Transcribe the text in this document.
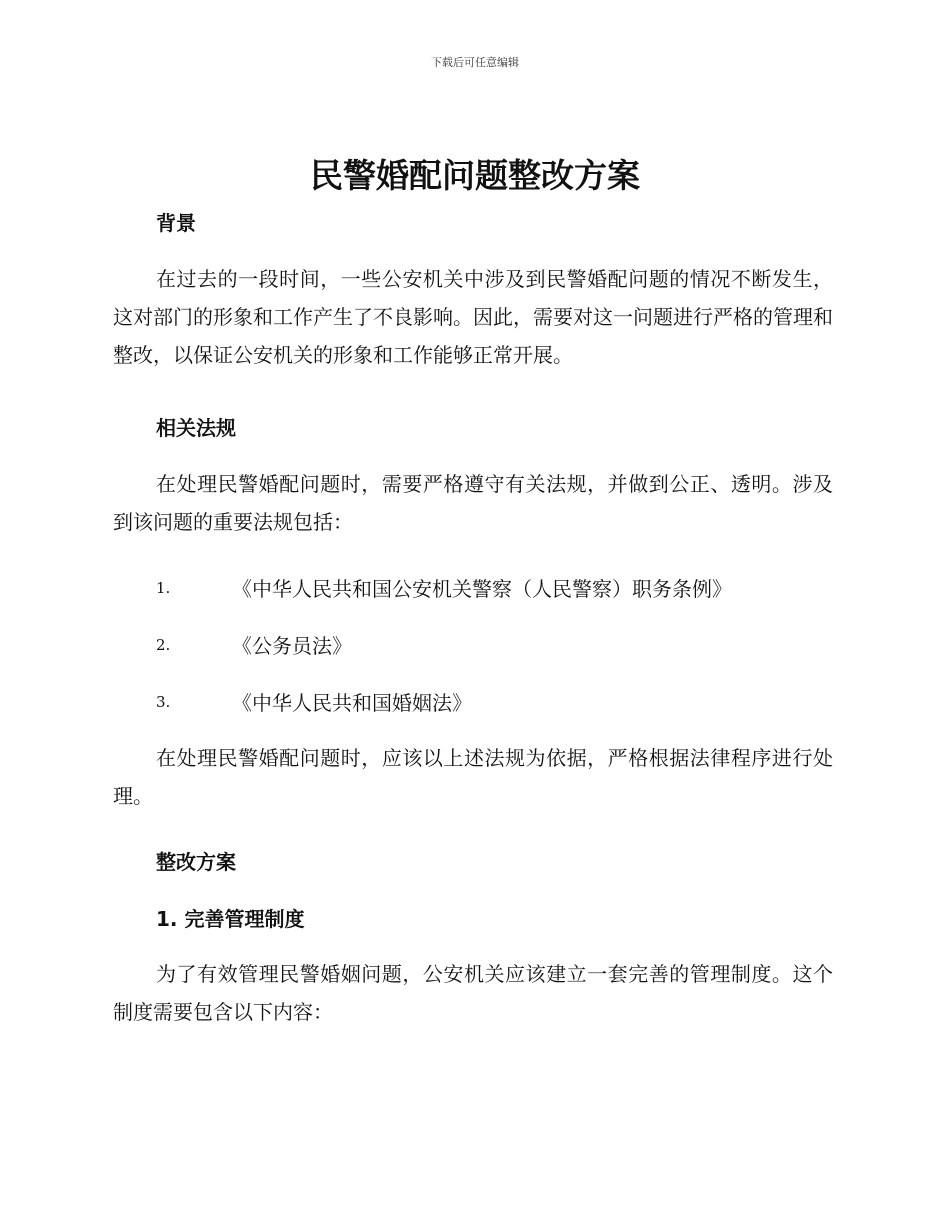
下载后可任意编辑
民警婚配问题整改方案
背景

在过去的一段时间，一些公安机关中涉及到民警婚配问题的情况不断发生，这对部门的形象和工作产生了不良影响。因此，需要对这一问题进行严格的管理和整改，以保证公安机关的形象和工作能够正常开展。

相关法规

在处理民警婚配问题时，需要严格遵守有关法规，并做到公正、透明。涉及到该问题的重要法规包括：

1.	《中华人民共和国公安机关警察（人民警察）职务条例》
2.	《公务员法》
3.	《中华人民共和国婚姻法》

在处理民警婚配问题时，应该以上述法规为依据，严格根据法律程序进行处理。

整改方案
1. 完善管理制度

为了有效管理民警婚姻问题，公安机关应该建立一套完善的管理制度。这个制度需要包含以下内容：
